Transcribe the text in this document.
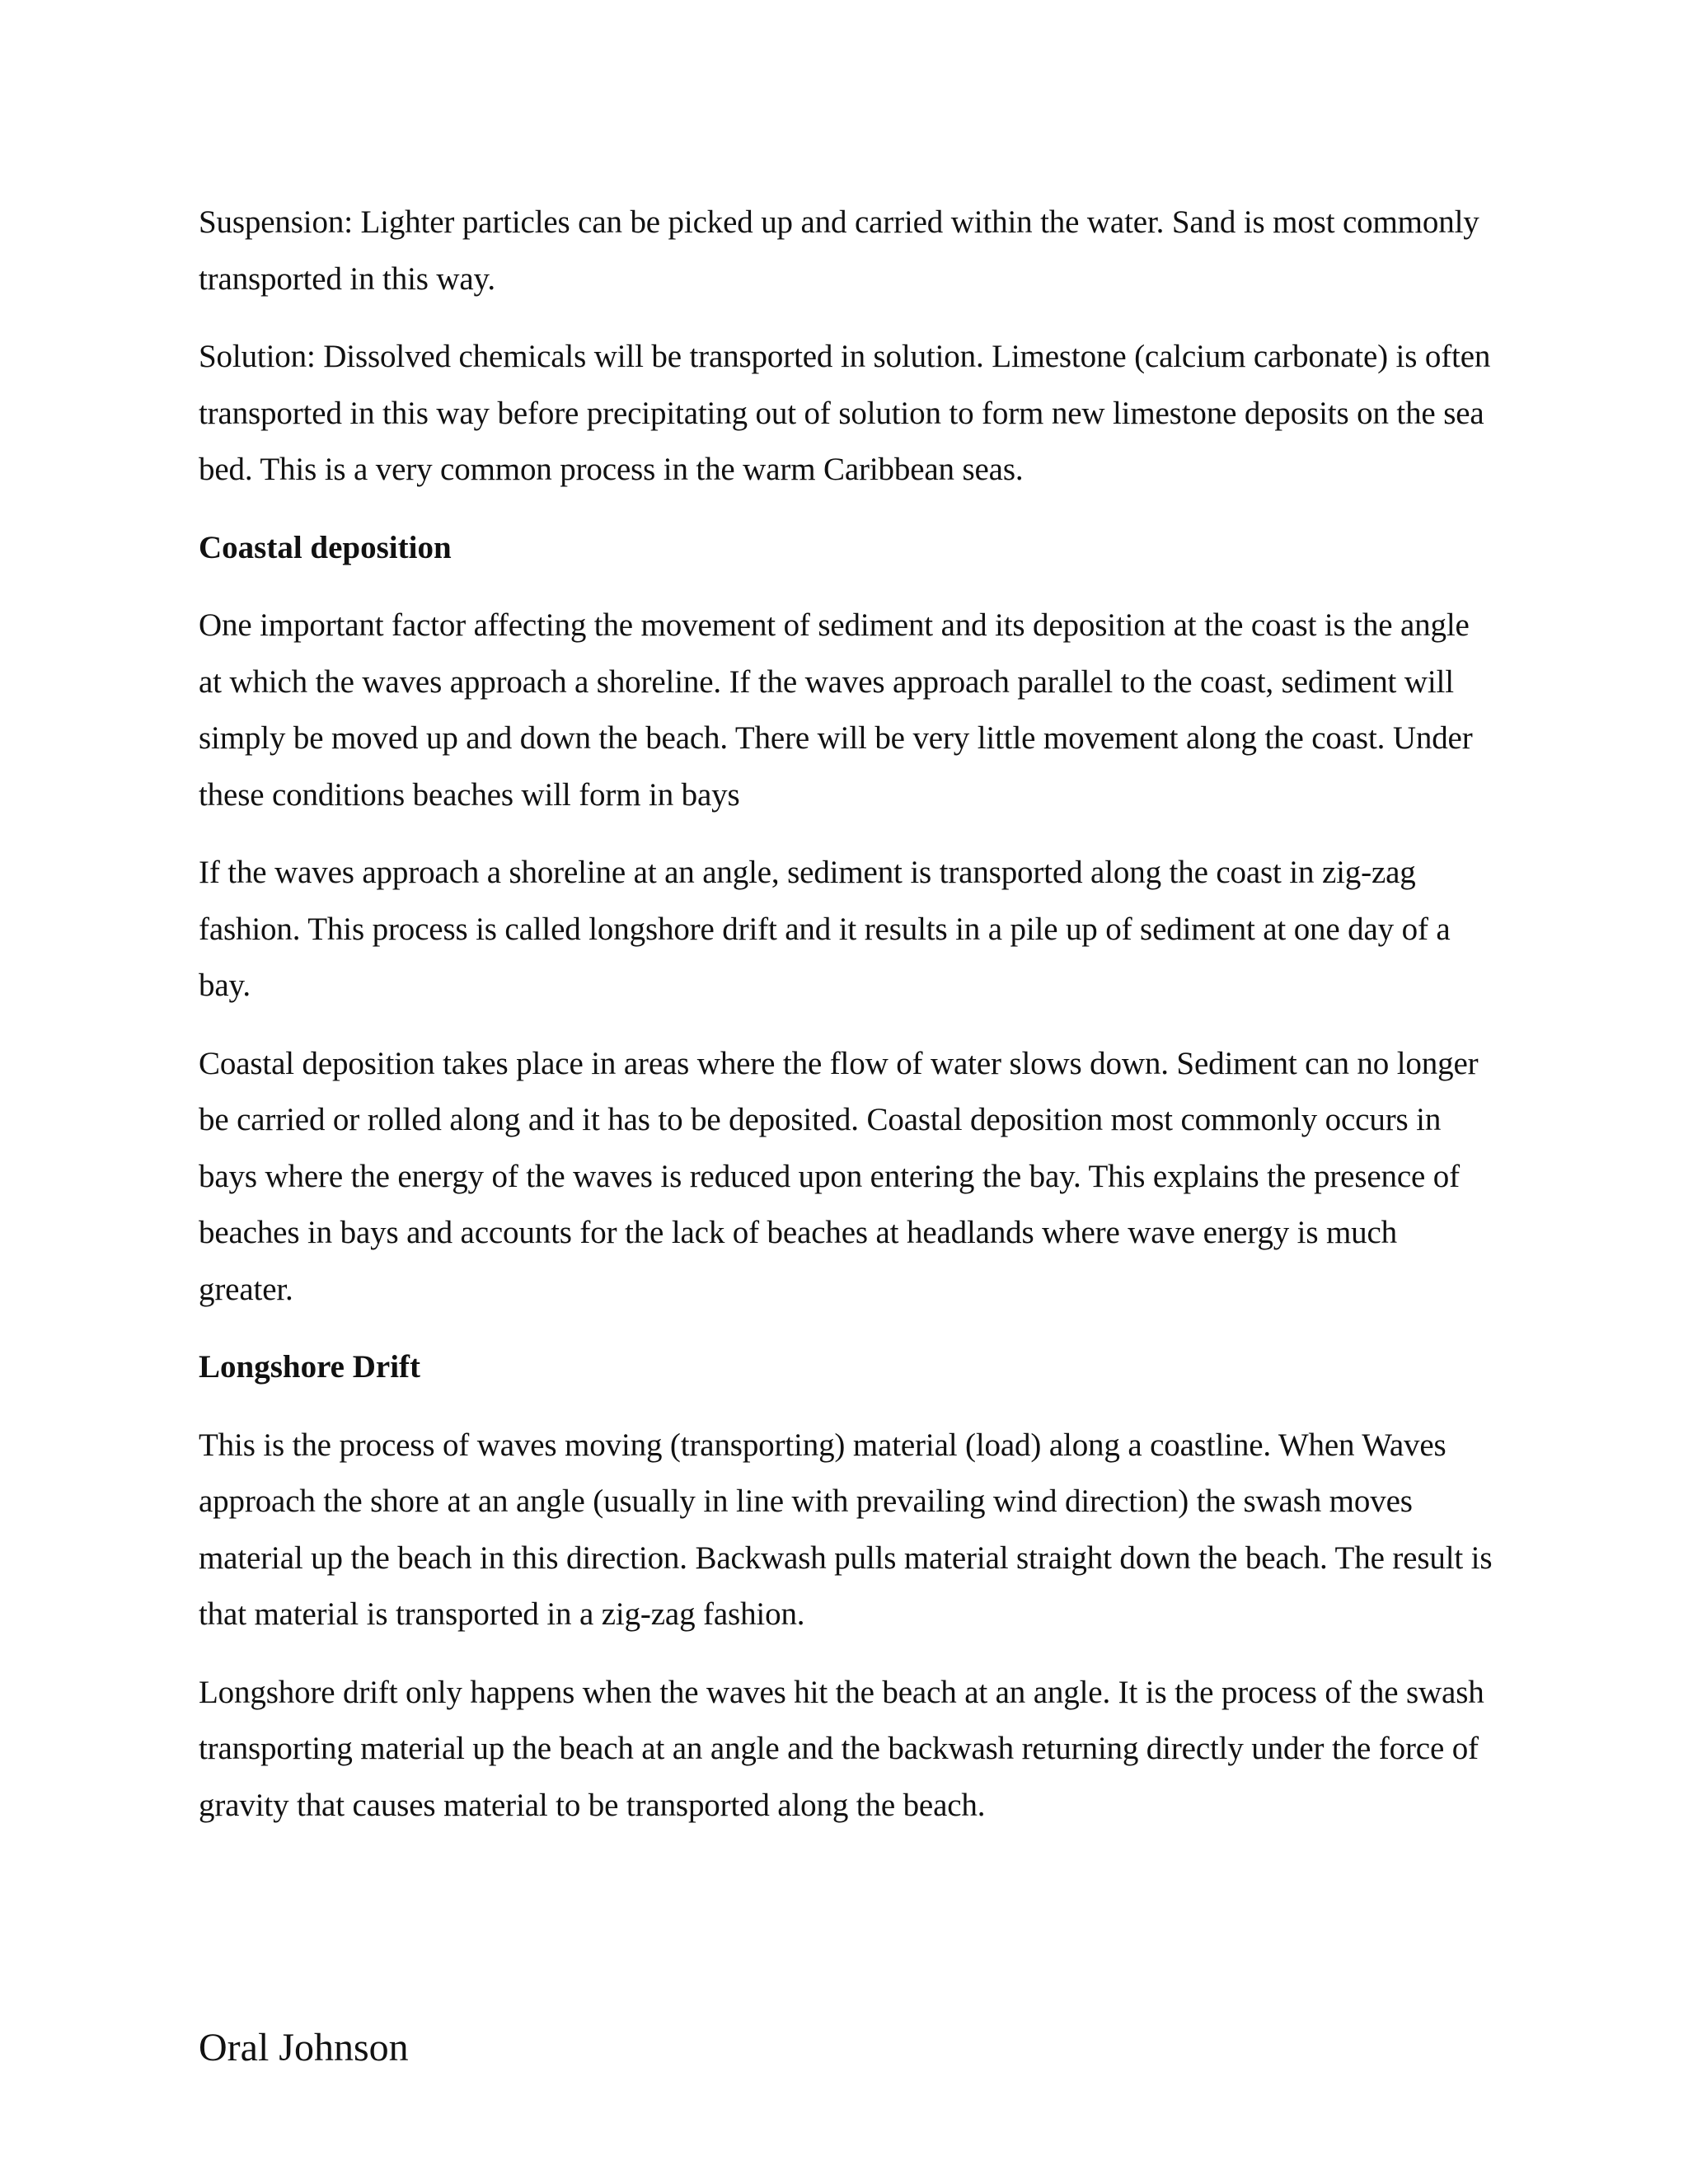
Suspension: Lighter particles can be picked up and carried within the water. Sand is most commonly transported in this way.

Solution: Dissolved chemicals will be transported in solution. Limestone (calcium carbonate) is often transported in this way before precipitating out of solution to form new limestone deposits on the sea bed. This is a very common process in the warm Caribbean seas.

Coastal deposition

One important factor affecting the movement of sediment and its deposition at the coast is the angle at which the waves approach a shoreline. If the waves approach parallel to the coast, sediment will simply be moved up and down the beach. There will be very little movement along the coast. Under these conditions beaches will form in bays

If the waves approach a shoreline at an angle, sediment is transported along the coast in zig-zag fashion. This process is called longshore drift and it results in a pile up of sediment at one day of a bay.

Coastal deposition takes place in areas where the flow of water slows down. Sediment can no longer be carried or rolled along and it has to be deposited. Coastal deposition most commonly occurs in bays where the energy of the waves is reduced upon entering the bay. This explains the presence of beaches in bays and accounts for the lack of beaches at headlands where wave energy is much greater.

Longshore Drift

This is the process of waves moving (transporting) material (load) along a coastline. When Waves approach the shore at an angle (usually in line with prevailing wind direction) the swash moves material up the beach in this direction. Backwash pulls material straight down the beach. The result is that material is transported in a zig-zag fashion.

Longshore drift only happens when the waves hit the beach at an angle. It is the process of the swash transporting material up the beach at an angle and the backwash returning directly under the force of gravity that causes material to be transported along the beach.

Oral Johnson
